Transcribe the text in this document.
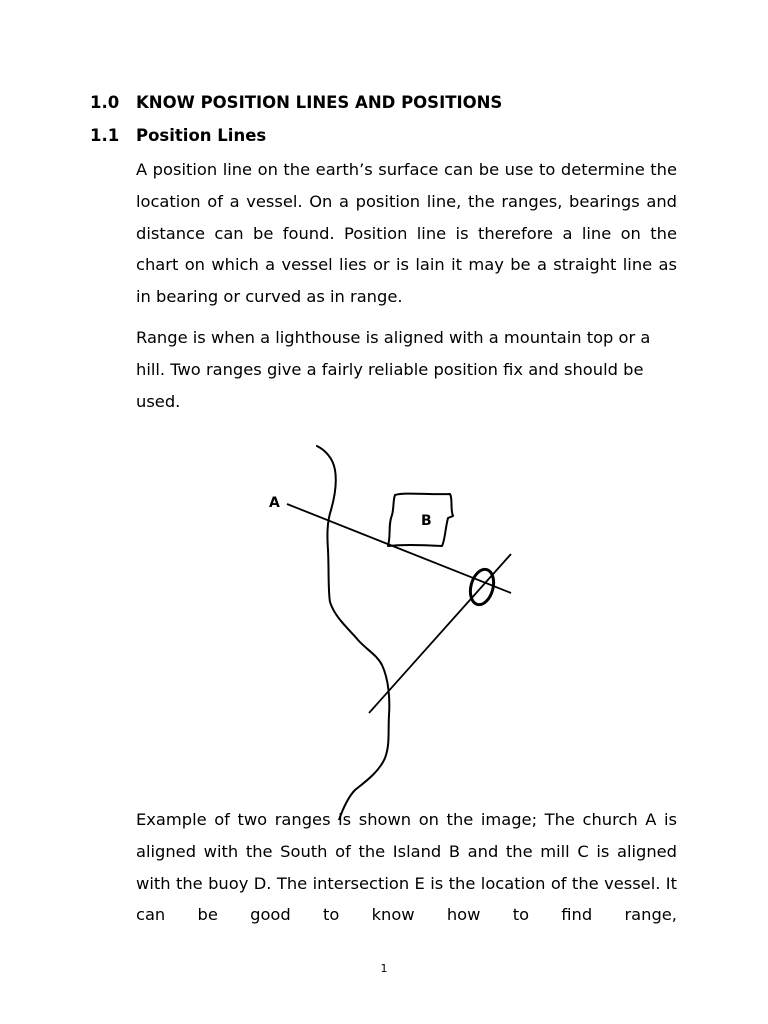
1.0 KNOW POSITION LINES AND POSITIONS
1.1 Position Lines

A position line on the earth’s surface can be use to determine the location of a vessel. On a position line, the ranges, bearings and distance can be found. Position line is therefore a line on the chart on which a vessel lies or is lain it may be a straight line as in bearing or curved as in range.

Range is when a lighthouse is aligned with a mountain top or a hill. Two ranges give a fairly reliable position fix and should be used.

A
B

Example of two ranges is shown on the image; The church A is aligned with the South of the Island B and the mill C is aligned with the buoy D. The intersection E is the location of the vessel. It can be good to know how to find range,

1
